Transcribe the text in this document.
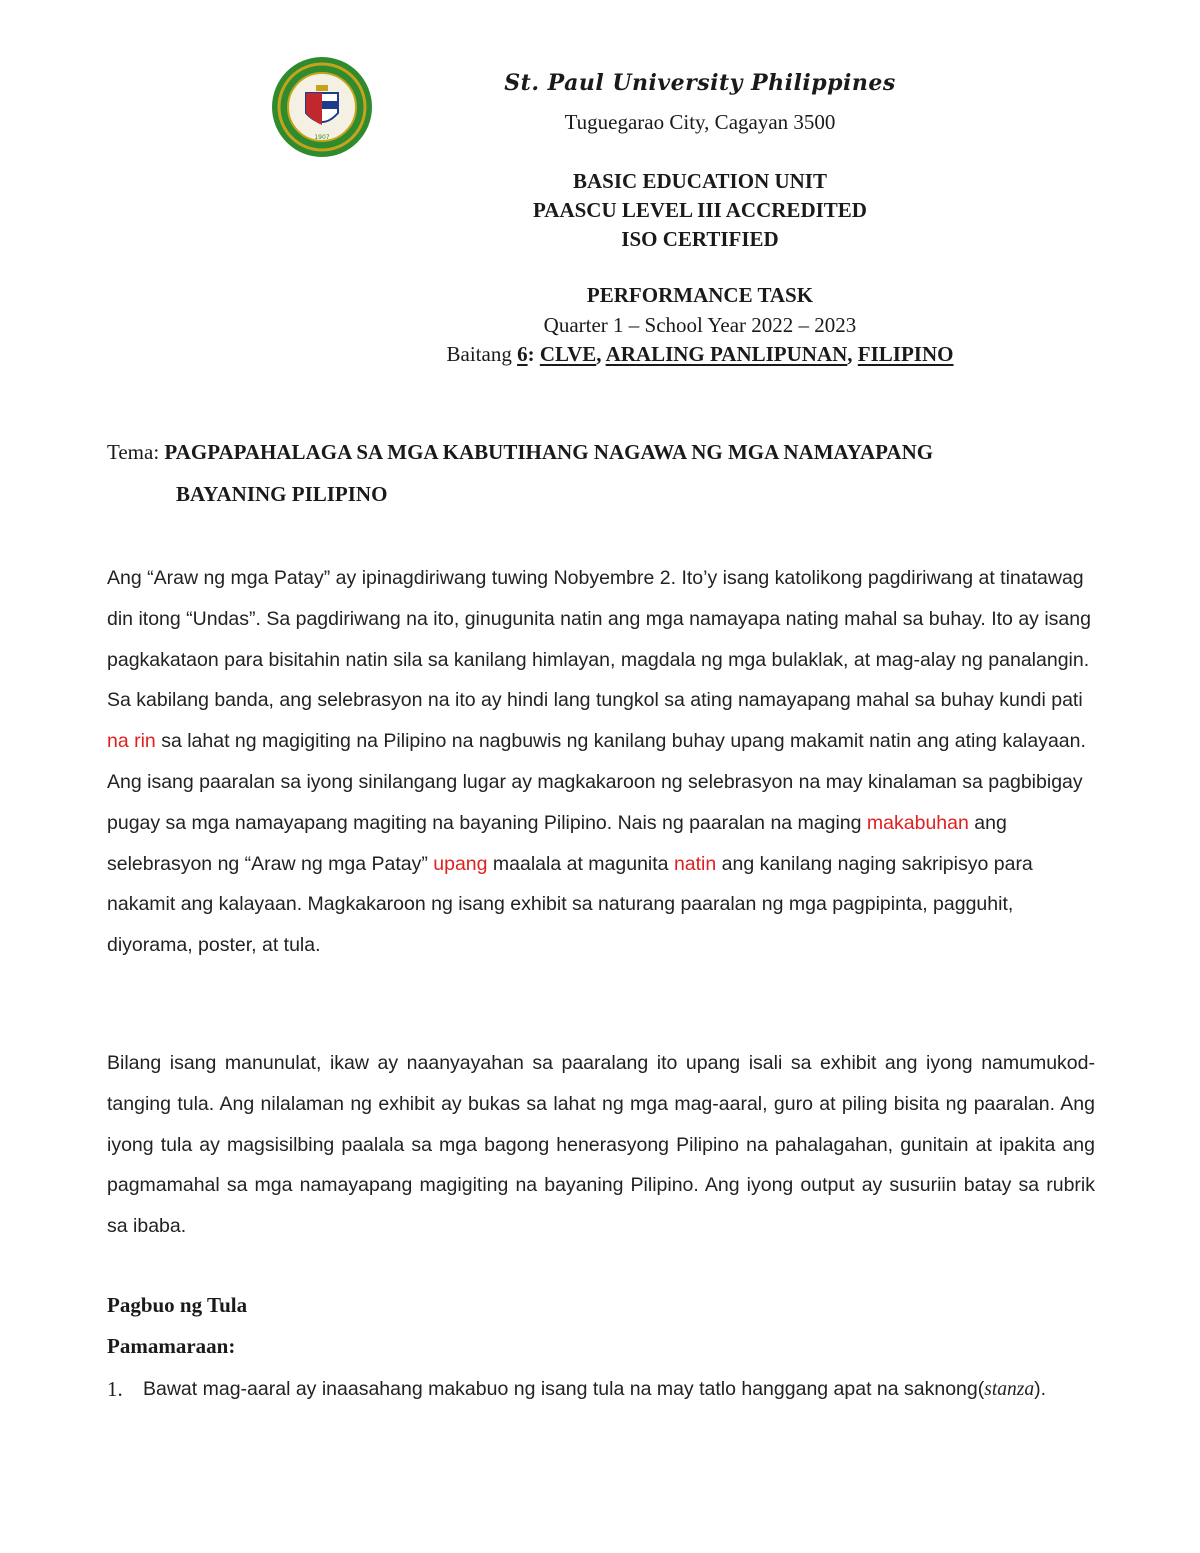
1907
St. Paul University Philippines
Tuguegarao City, Cagayan 3500
BASIC EDUCATION UNIT
PAASCU LEVEL III ACCREDITED
ISO CERTIFIED
PERFORMANCE TASK
Quarter 1 – School Year 2022 – 2023
Baitang 6: CLVE, ARALING PANLIPUNAN, FILIPINO
Tema: PAGPAPAHALAGA SA MGA KABUTIHANG NAGAWA NG MGA NAMAYAPANG
BAYANING PILIPINO
Ang “Araw ng mga Patay” ay ipinagdiriwang tuwing Nobyembre 2. Ito’y isang katolikong pagdiriwang at tinatawag din itong “Undas”. Sa pagdiriwang na ito, ginugunita natin ang mga namayapa nating mahal sa buhay. Ito ay isang pagkakataon para bisitahin natin sila sa kanilang himlayan, magdala ng mga bulaklak, at mag-alay ng panalangin. Sa kabilang banda, ang selebrasyon na ito ay hindi lang tungkol sa ating namayapang mahal sa buhay kundi pati na rin sa lahat ng magigiting na Pilipino na nagbuwis ng kanilang buhay upang makamit natin ang ating kalayaan. Ang isang paaralan sa iyong sinilangang lugar ay magkakaroon ng selebrasyon na may kinalaman sa pagbibigay pugay sa mga namayapang magiting na bayaning Pilipino. Nais ng paaralan na maging makabuhan ang selebrasyon ng “Araw ng mga Patay” upang maalala at magunita natin ang kanilang naging sakripisyo para nakamit ang kalayaan. Magkakaroon ng isang exhibit sa naturang paaralan ng mga pagpipinta, pagguhit, diyorama, poster, at tula.
Bilang isang manunulat, ikaw ay naanyayahan sa paaralang ito upang isali sa exhibit ang iyong namumukod-tanging tula. Ang nilalaman ng exhibit ay bukas sa lahat ng mga mag-aaral, guro at piling bisita ng paaralan. Ang iyong tula ay magsisilbing paalala sa mga bagong henerasyong Pilipino na pahalagahan, gunitain at ipakita ang pagmamahal sa mga namayapang magigiting na bayaning Pilipino. Ang iyong output ay susuriin batay sa rubrik sa ibaba.
Pagbuo ng Tula
Pamamaraan:
1. Bawat mag-aaral ay inaasahang makabuo ng isang tula na may tatlo hanggang apat na saknong(stanza).
